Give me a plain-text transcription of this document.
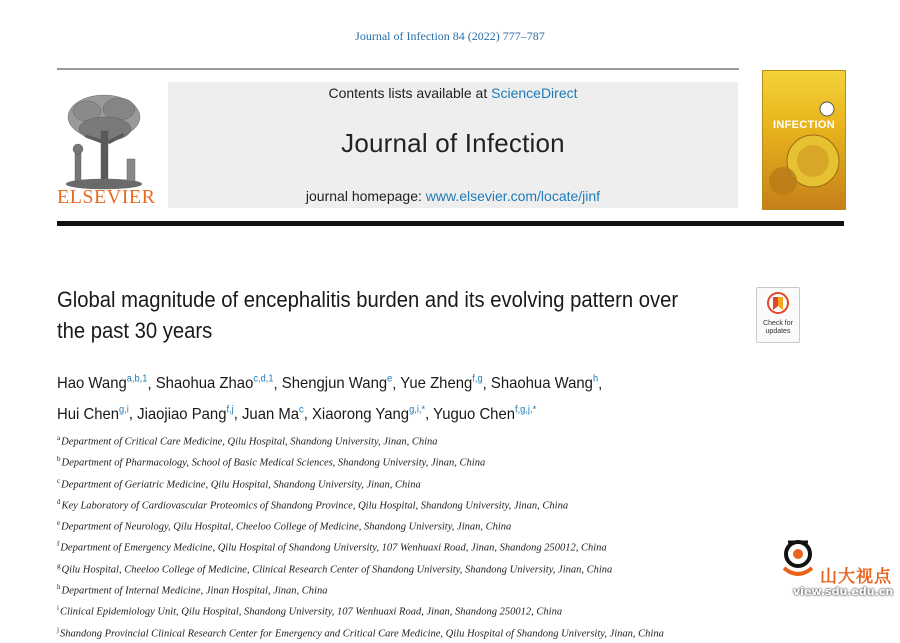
Journal of Infection 84 (2022) 777–787
ELSEVIER
Contents lists available at ScienceDirect
Journal of Infection
journal homepage: www.elsevier.com/locate/jinf
INFECTION
Global magnitude of encephalitis burden and its evolving pattern over the past 30 years	Check for updates
Hao Wang$^{a,b,1}$, Shaohua Zhao$^{c,d,1}$, Shengjun Wang$^e$, Yue Zheng$^{f,g}$, Shaohua Wang$^h$,
Hui Chen$^{g,i}$, Jiaojiao Pang$^{f,j}$, Juan Ma$^c$, Xiaorong Yang$^{g,i,*}$, Yuguo Chen$^{f,g,j,*}$
$^a$Department of Critical Care Medicine, Qilu Hospital, Shandong University, Jinan, China
$^b$Department of Pharmacology, School of Basic Medical Sciences, Shandong University, Jinan, China
$^c$Department of Geriatric Medicine, Qilu Hospital, Shandong University, Jinan, China
$^d$Key Laboratory of Cardiovascular Proteomics of Shandong Province, Qilu Hospital, Shandong University, Jinan, China
$^e$Department of Neurology, Qilu Hospital, Cheeloo College of Medicine, Shandong University, Jinan, China
$^f$Department of Emergency Medicine, Qilu Hospital of Shandong University, 107 Wenhuaxi Road, Jinan, Shandong 250012, China
$^g$Qilu Hospital, Cheeloo College of Medicine, Clinical Research Center of Shandong University, Shandong University, Jinan, China
$^h$Department of Internal Medicine, Jinan Hospital, Jinan, China
$^i$Clinical Epidemiology Unit, Qilu Hospital, Shandong University, 107 Wenhuaxi Road, Jinan, Shandong 250012, China
$^j$Shandong Provincial Clinical Research Center for Emergency and Critical Care Medicine, Qilu Hospital of Shandong University, Jinan, China
山大视点
view.sdu.edu.cn
